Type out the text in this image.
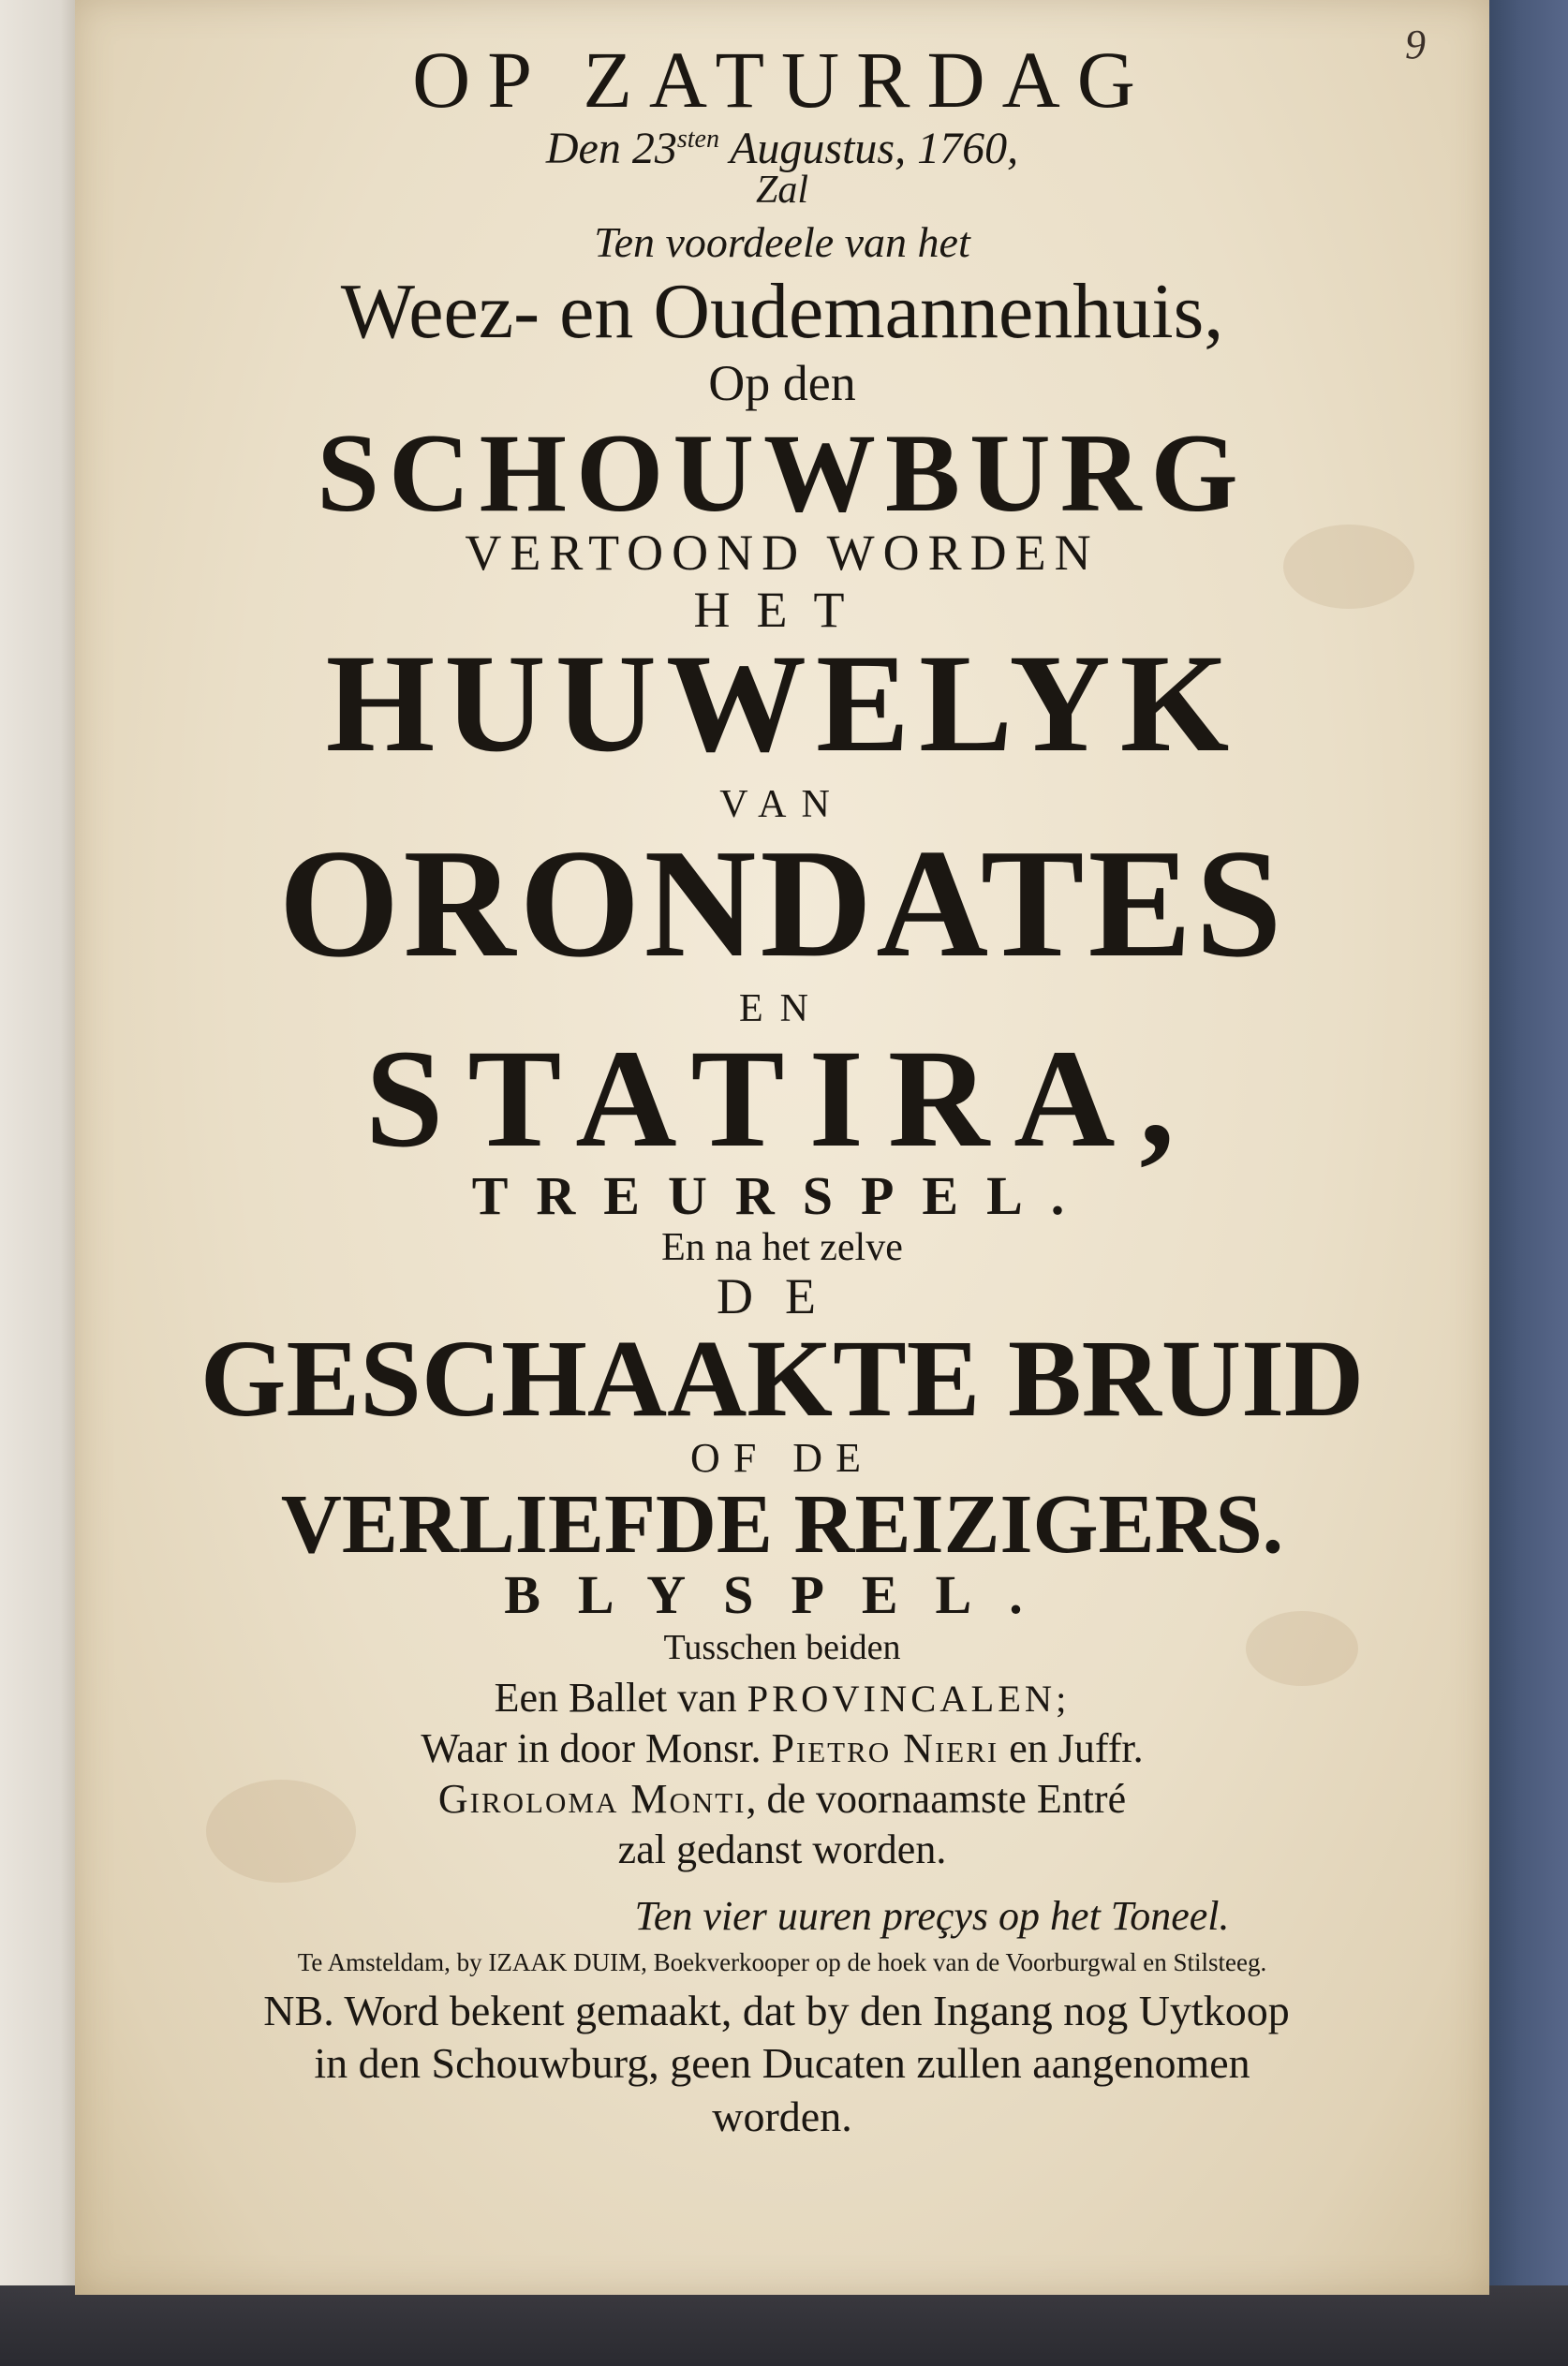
9
OP ZATURDAG
Den $23^{sten}$ Augustus, 1760,
Zal
Ten voordeele van het
Weez- en Oudemannenhuis,
Op den
SCHOUWBURG
VERTOOND WORDEN
HET
HUUWELYK
VAN
ORONDATES
EN
STATIRA,
TREURSPEL.
En na het zelve
DE
GESCHAAKTE BRUID
OF DE
VERLIEFDE REIZIGERS.
BLYSPEL.
Tusschen beiden
Een Ballet van PROVINCALEN;
Waar in door Monsr. Pietro Nieri en Juffr.
Giroloma Monti, de voornaamste Entré
zal gedanst worden.
Ten vier uuren preçys op het Toneel.
Te Amsteldam, by IZAAK DUIM, Boekverkooper op de hoek van de Voorburgwal en Stilsteeg.
NB. Word bekent gemaakt, dat by den Ingang nog Uytkoop
in den Schouwburg, geen Ducaten zullen aangenomen
worden.
